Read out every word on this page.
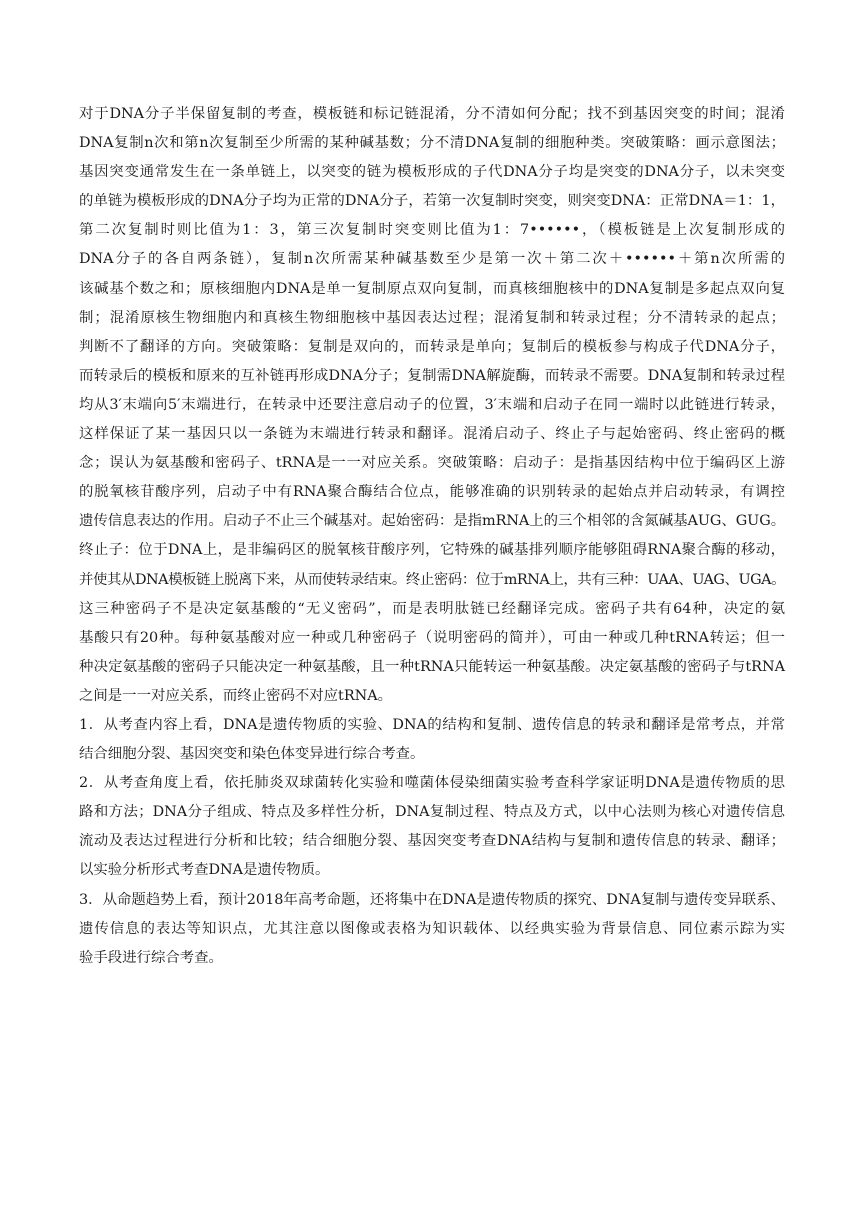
对于DNA分子半保留复制的考查，模板链和标记链混淆，分不清如何分配；找不到基因突变的时间；混淆
DNA复制n次和第n次复制至少所需的某种碱基数；分不清DNA复制的细胞种类。突破策略：画示意图法；
基因突变通常发生在一条单链上，以突变的链为模板形成的子代DNA分子均是突变的DNA分子，以未突变
的单链为模板形成的DNA分子均为正常的DNA分子，若第一次复制时突变，则突变DNA：正常DNA＝1：1，
第二次复制时则比值为1：3，第三次复制时突变则比值为1：7••••••，（模板链是上次复制形成的
DNA分子的各自两条链），复制n次所需某种碱基数至少是第一次＋第二次＋••••••＋第n次所需的
该碱基个数之和；原核细胞内DNA是单一复制原点双向复制，而真核细胞核中的DNA复制是多起点双向复
制；混淆原核生物细胞内和真核生物细胞核中基因表达过程；混淆复制和转录过程；分不清转录的起点；
判断不了翻译的方向。突破策略：复制是双向的，而转录是单向；复制后的模板参与构成子代DNA分子，
而转录后的模板和原来的互补链再形成DNA分子；复制需DNA解旋酶，而转录不需要。DNA复制和转录过程
均从3′末端向5′末端进行，在转录中还要注意启动子的位置，3′末端和启动子在同一端时以此链进行转录，
这样保证了某一基因只以一条链为末端进行转录和翻译。混淆启动子、终止子与起始密码、终止密码的概
念；误认为氨基酸和密码子、tRNA是一一对应关系。突破策略：启动子：是指基因结构中位于编码区上游
的脱氧核苷酸序列，启动子中有RNA聚合酶结合位点，能够准确的识别转录的起始点并启动转录，有调控
遗传信息表达的作用。启动子不止三个碱基对。起始密码：是指mRNA上的三个相邻的含氮碱基AUG、GUG。
终止子：位于DNA上，是非编码区的脱氧核苷酸序列，它特殊的碱基排列顺序能够阻碍RNA聚合酶的移动，
并使其从DNA模板链上脱离下来，从而使转录结束。终止密码：位于mRNA上，共有三种：UAA、UAG、UGA。
这三种密码子不是决定氨基酸的“无义密码”，而是表明肽链已经翻译完成。密码子共有64种，决定的氨
基酸只有20种。每种氨基酸对应一种或几种密码子（说明密码的简并），可由一种或几种tRNA转运；但一
种决定氨基酸的密码子只能决定一种氨基酸，且一种tRNA只能转运一种氨基酸。决定氨基酸的密码子与tRNA
之间是一一对应关系，而终止密码不对应tRNA。
1．从考查内容上看，DNA是遗传物质的实验、DNA的结构和复制、遗传信息的转录和翻译是常考点，并常
结合细胞分裂、基因突变和染色体变异进行综合考查。
2．从考查角度上看，依托肺炎双球菌转化实验和噬菌体侵染细菌实验考查科学家证明DNA是遗传物质的思
路和方法；DNA分子组成、特点及多样性分析，DNA复制过程、特点及方式，以中心法则为核心对遗传信息
流动及表达过程进行分析和比较；结合细胞分裂、基因突变考查DNA结构与复制和遗传信息的转录、翻译；
以实验分析形式考查DNA是遗传物质。
3．从命题趋势上看，预计2018年高考命题，还将集中在DNA是遗传物质的探究、DNA复制与遗传变异联系、
遗传信息的表达等知识点，尤其注意以图像或表格为知识载体、以经典实验为背景信息、同位素示踪为实
验手段进行综合考查。
